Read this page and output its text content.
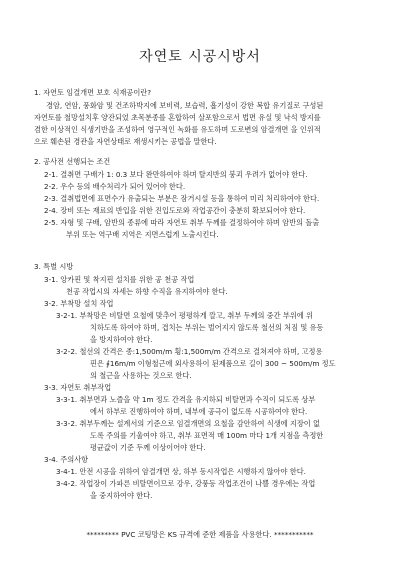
자연토 시공시방서
1. 자연토 임결개면 보호 식재공이란?
경암, 연암, 풍화암 및 건조하박지에 보비력, 보습력, 흡기성이 강한 복합 유기질로 구성된
자연토를 철망설치후 양잔되었 초목분종를 혼합하여 살포함으로서 법면 유실 및 낙석 방지를
겸한 이상적인 식생기반을 조성하여 영구적인 녹화를 유도하며 도로변의 암결개면 을 인위적
으로 훼손된 경관을 자연상태로 재생시키는 공법을 말한다.
2. 공사전 선행되는 조건
2-1. 결취면 구배가 1: 0.3 보다 완만하여야 하며 탈지반의 붕괴 우려가 없어야 한다.
2-2. 우수 등의 배수처리가 되어 있어야 한다.
2-3. 결취법면에 표면수가 유출되는 부분은 잠거시설 등을 통하여 미리 처리하여야 한다.
2-4. 장비 또는 재료의 반입을 위한 진입도로와 작업공간이 충분히 확보되어야 한다.
2-5. 자형 및 구배, 암반의 종류에 따라 자연토 취부 두께를 결정하여야 하며 암반의 돌출
부위 또는 역구배 지역은 지면스럽게 노출시킨다.
3. 특별 시방
3-1. 앙카핀 및 착지핀 설치를 위한 공 천공 작업
천공 작업시의 자세는 하향 수직을 유지하여야 한다.
3-2. 부착망 설치 작업
3-2-1. 부착망은 비탈면 요철에 맞추어 평평하게 깔고, 취부 두께의 중간 부위에 위
치하도록 하여야 하며, 겹치는 부위는 벌어지지 않도록 철선의 처짐 및 유동
을 방지하여야 한다.
3-2-2. 철선의 간격은 종:1,500m/m 횡:1,500m/m 간격으로 결쳐져야 하며, 고정용
핀은 ∮16m/m 이형철근에 외사용하이 된제품으로 길이 300 ~ 500m/m 정도
의 철근을 사용하는 것으로 한다.
3-3. 자연토 취부작업
3-3-1. 취부면과 노즐을 약 1m 정도 간격을 유지하되 비탈면과 수직이 되도록 상부
에서 하부로 진행하여야 하며, 내부에 공극이 없도록 시공하여야 한다.
3-3-2. 취부두께는 설계서의 기준으로 임결개면의 요철을 감안하여 식생에 지장이 없
도록 주의를 기울여야 하고, 취부 표면적 매 100m 마다 1개 지점을 측정한
평균값이 기준 두께 이상이어야 한다.
3-4. 주의사항
3-4-1. 안전 시공을 위하여 암결개면 상, 하부 동시작업은 시행하지 않아야 한다.
3-4-2. 작업장이 가파른 비탈면이므로 강우, 강풍등 작업조건이 나쁠 경우에는 작업
을 중지하여야 한다.
********* PVC 코팅망은 KS 규격에 준한 제품을 사용한다. ***********
